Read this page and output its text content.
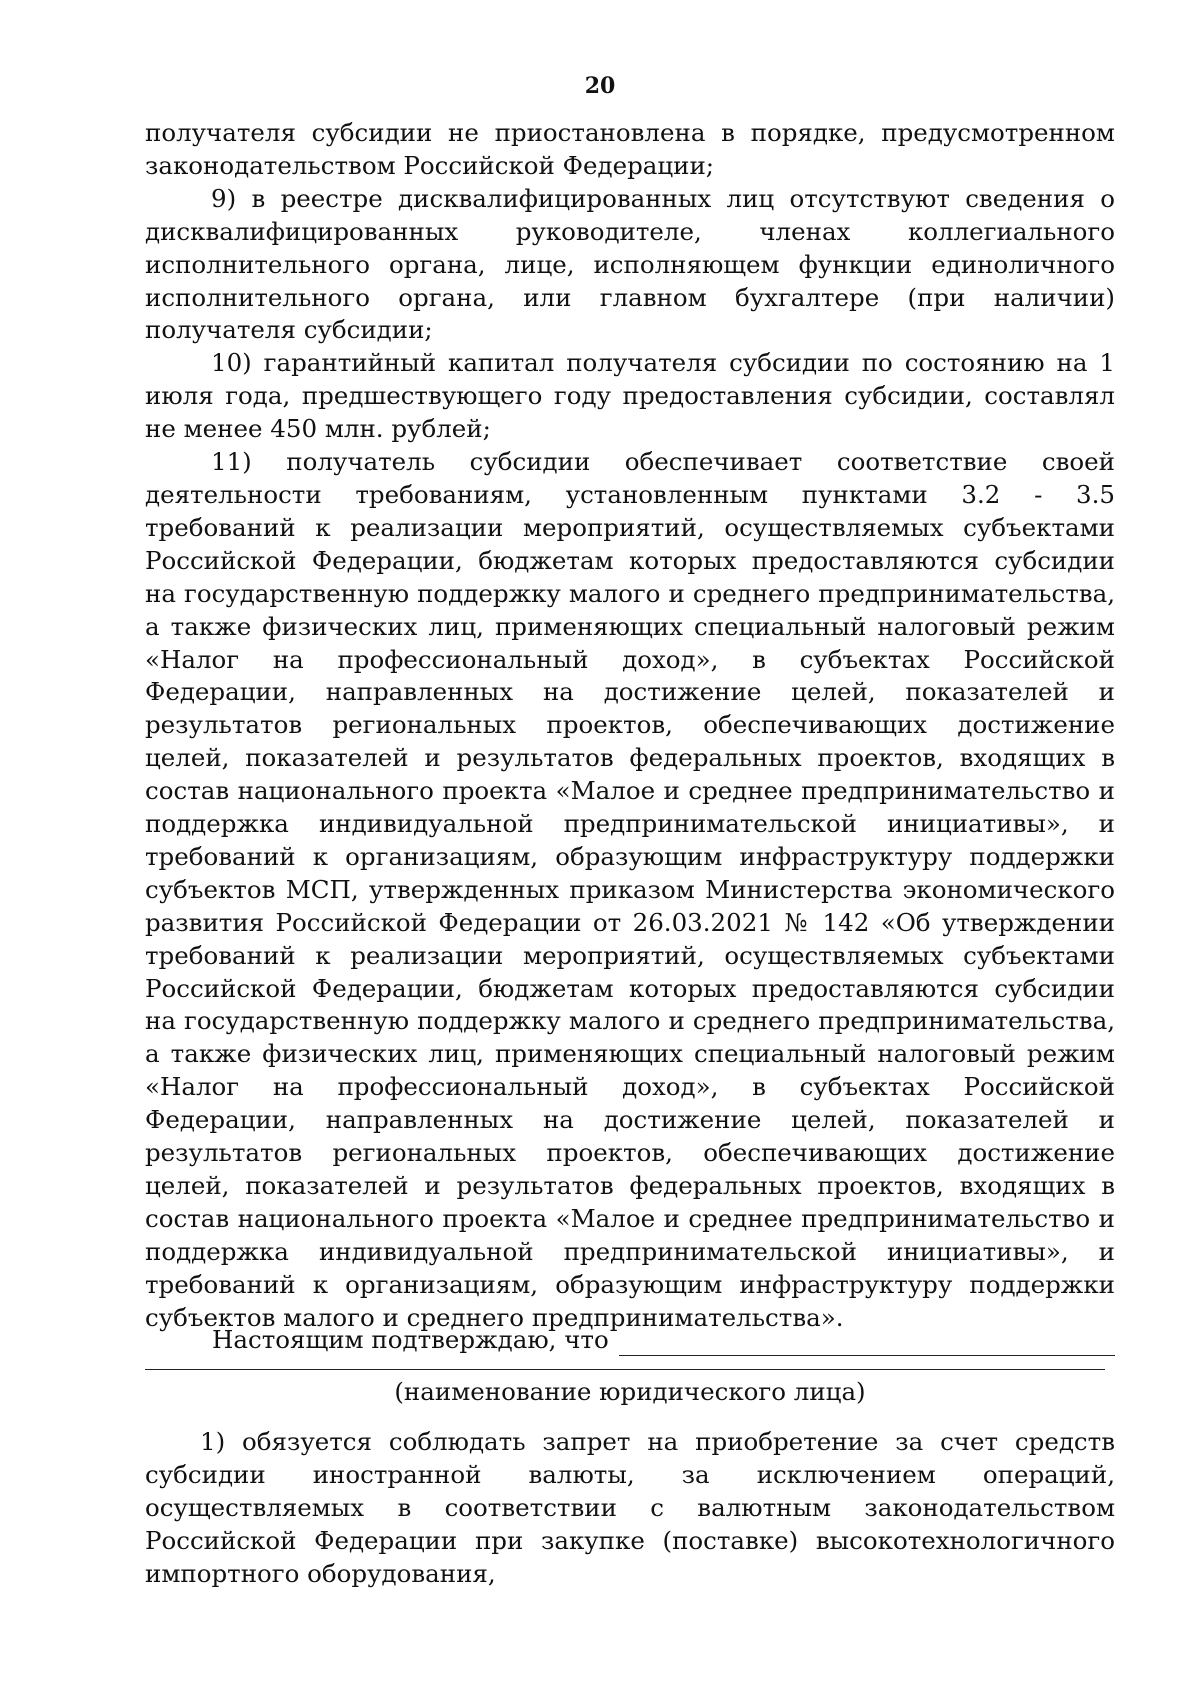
20

получателя субсидии не приостановлена в порядке, предусмотренном законодательством Российской Федерации;

9) в реестре дисквалифицированных лиц отсутствуют сведения о дисквалифицированных руководителе, членах коллегиального исполнительного органа, лице, исполняющем функции единоличного исполнительного органа, или главном бухгалтере (при наличии) получателя субсидии;

10) гарантийный капитал получателя субсидии по состоянию на 1 июля года, предшествующего году предоставления субсидии, составлял не менее 450 млн. рублей;

11) получатель субсидии обеспечивает соответствие своей деятельности требованиям, установленным пунктами 3.2 - 3.5 требований к реализации мероприятий, осуществляемых субъектами Российской Федерации, бюджетам которых предоставляются субсидии на государственную поддержку малого и среднего предпринимательства, а также физических лиц, применяющих специальный налоговый режим «Налог на профессиональный доход», в субъектах Российской Федерации, направленных на достижение целей, показателей и результатов региональных проектов, обеспечивающих достижение целей, показателей и результатов федеральных проектов, входящих в состав национального проекта «Малое и среднее предпринимательство и поддержка индивидуальной предпринимательской инициативы», и требований к организациям, образующим инфраструктуру поддержки субъектов МСП, утвержденных приказом Министерства экономического развития Российской Федерации от 26.03.2021 № 142 «Об утверждении требований к реализации мероприятий, осуществляемых субъектами Российской Федерации, бюджетам которых предоставляются субсидии на государственную поддержку малого и среднего предпринимательства, а также физических лиц, применяющих специальный налоговый режим «Налог на профессиональный доход», в субъектах Российской Федерации, направленных на достижение целей, показателей и результатов региональных проектов, обеспечивающих достижение целей, показателей и результатов федеральных проектов, входящих в состав национального проекта «Малое и среднее предпринимательство и поддержка индивидуальной предпринимательской инициативы», и требований к организациям, образующим инфраструктуру поддержки субъектов малого и среднего предпринимательства».

Настоящим подтверждаю, что
(наименование юридического лица)

1) обязуется соблюдать запрет на приобретение за счет средств субсидии иностранной валюты, за исключением операций, осуществляемых в соответствии с валютным законодательством Российской Федерации при закупке (поставке) высокотехнологичного импортного оборудования,
